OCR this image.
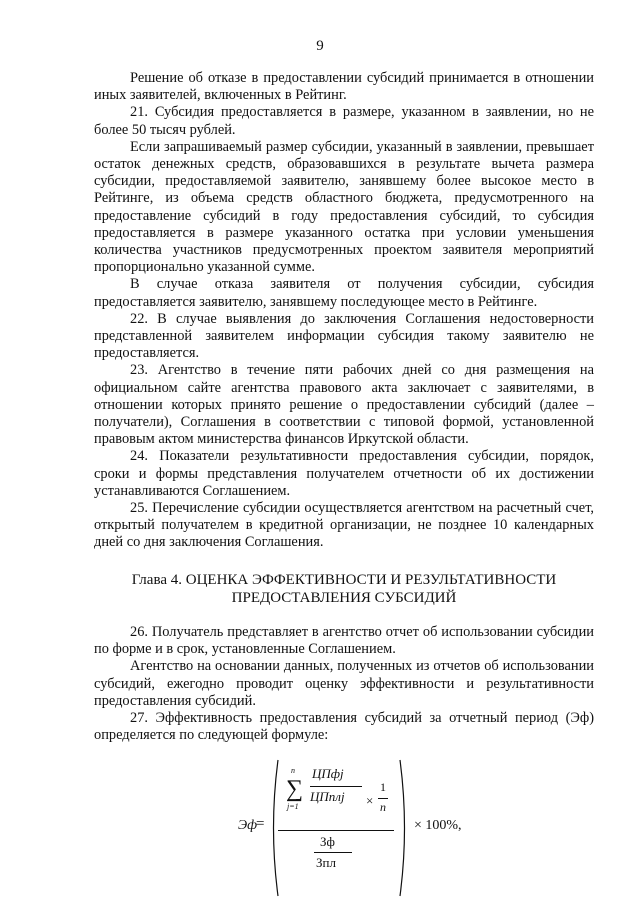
9

Решение об отказе в предоставлении субсидий принимается в отношении иных заявителей, включенных в Рейтинг.

21. Субсидия предоставляется в размере, указанном в заявлении, но не более 50 тысяч рублей.

Если запрашиваемый размер субсидии, указанный в заявлении, превышает остаток денежных средств, образовавшихся в результате вычета размера субсидии, предоставляемой заявителю, занявшему более высокое место в Рейтинге, из объема средств областного бюджета, предусмотренного на предоставление субсидий в году предоставления субсидий, то субсидия предоставляется в размере указанного остатка при условии уменьшения количества участников предусмотренных проектом заявителя мероприятий пропорционально указанной сумме.

В случае отказа заявителя от получения субсидии, субсидия предоставляется заявителю, занявшему последующее место в Рейтинге.

22. В случае выявления до заключения Соглашения недостоверности представленной заявителем информации субсидия такому заявителю не предоставляется.

23. Агентство в течение пяти рабочих дней со дня размещения на официальном сайте агентства правового акта заключает с заявителями, в отношении которых принято решение о предоставлении субсидий (далее – получатели), Соглашения в соответствии с типовой формой, установленной правовым актом министерства финансов Иркутской области.

24. Показатели результативности предоставления субсидии, порядок, сроки и формы представления получателем отчетности об их достижении устанавливаются Соглашением.

25. Перечисление субсидии осуществляется агентством на расчетный счет, открытый получателем в кредитной организации, не позднее 10 календарных дней со дня заключения Соглашения.

Глава 4. ОЦЕНКА ЭФФЕКТИВНОСТИ И РЕЗУЛЬТАТИВНОСТИ
ПРЕДОСТАВЛЕНИЯ СУБСИДИЙ

26. Получатель представляет в агентство отчет об использовании субсидии по форме и в срок, установленные Соглашением.

Агентство на основании данных, полученных из отчетов об использовании субсидий, ежегодно проводит оценку эффективности и результативности предоставления субсидий.

27. Эффективность предоставления субсидий за отчетный период (Эф) определяется по следующей формуле:

Эф
=
n
∑
j=1
ЦПфj
ЦПплj ×
1
n
Зф
Зпл
× 100%,
